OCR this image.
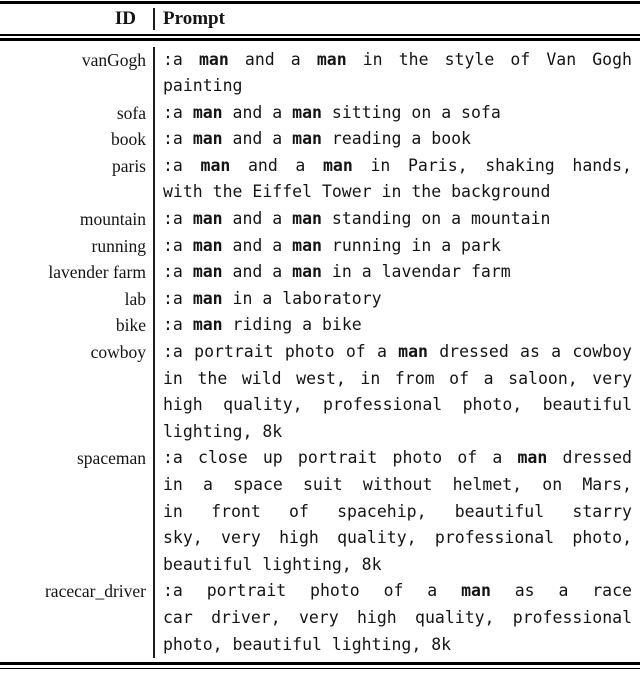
ID	Prompt
vanGogh	:a man and a man in the style of Van Gogh
painting
sofa	:a man and a man sitting on a sofa
book	:a man and a man reading a book
paris	:a man and a man in Paris, shaking hands,
with the Eiffel Tower in the background
mountain	:a man and a man standing on a mountain
running	:a man and a man running in a park
lavender farm	:a man and a man in a lavendar farm
lab	:a man in a laboratory
bike	:a man riding a bike
cowboy	:a portrait photo of a man dressed as a cowboy
in the wild west, in from of a saloon, very
high quality, professional photo, beautiful
lighting, 8k
spaceman	:a close up portrait photo of a man dressed
in a space suit without helmet, on Mars,
in front of spacehip, beautiful starry
sky, very high quality, professional photo,
beautiful lighting, 8k
racecar_driver	:a portrait photo of a man as a race
car driver, very high quality, professional
photo, beautiful lighting, 8k
